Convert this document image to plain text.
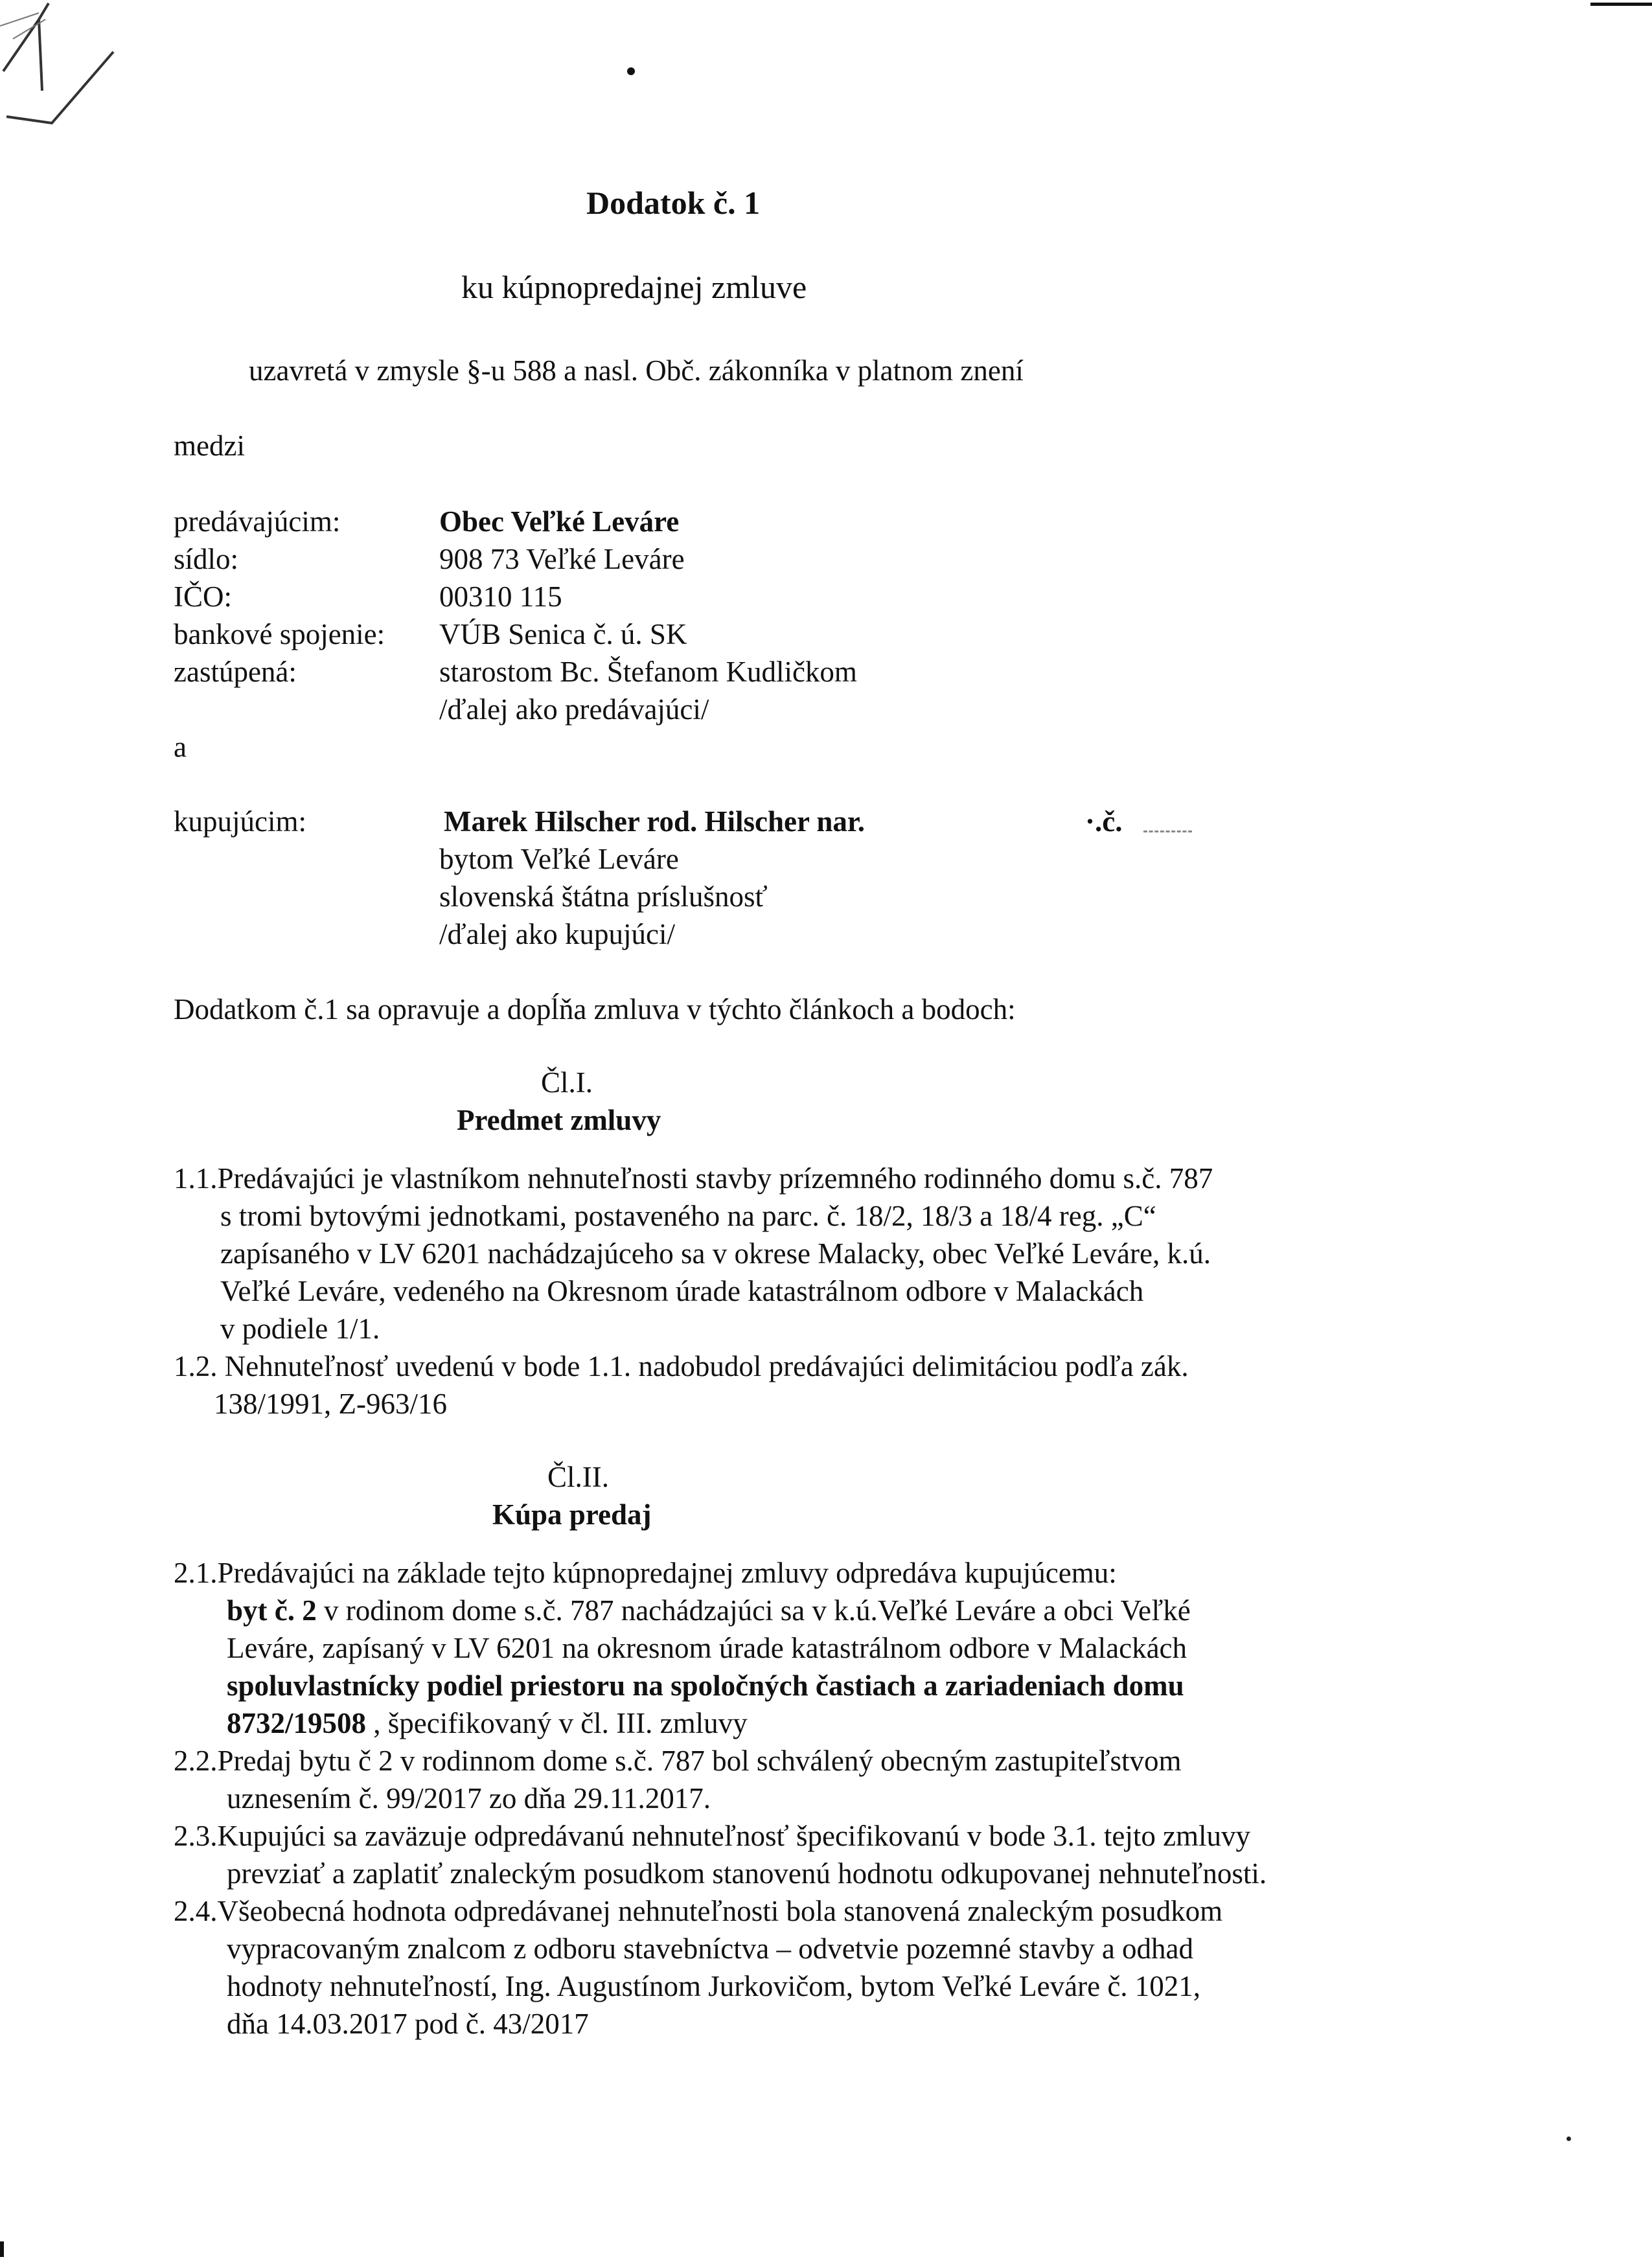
Dodatok č. 1
ku kúpnopredajnej zmluve
uzavretá v zmysle §-u 588 a nasl. Obč. zákonníka v platnom znení
medzi
predávajúcim:	Obec Veľké Leváre
sídlo:	908 73 Veľké Leváre
IČO:	00310 115
bankové spojenie: VÚB Senica č. ú. SK
zastúpená:	starostom Bc. Štefanom Kudličkom
/ďalej ako predávajúci/
a
kupujúcim:	Marek Hilscher rod. Hilscher nar.	·.č.
bytom Veľké Leváre
slovenská štátna príslušnosť
/ďalej ako kupujúci/
Dodatkom č.1 sa opravuje a dopĺňa zmluva v týchto článkoch a bodoch:
Čl.I.
Predmet zmluvy
1.1.Predávajúci je vlastníkom nehnuteľnosti stavby prízemného rodinného domu s.č. 787
s tromi bytovými jednotkami, postaveného na parc. č. 18/2, 18/3 a 18/4 reg. „C“
zapísaného v LV 6201 nachádzajúceho sa v okrese Malacky, obec Veľké Leváre, k.ú.
Veľké Leváre, vedeného na Okresnom úrade katastrálnom odbore v Malackách
v podiele 1/1.
1.2. Nehnuteľnosť uvedenú v bode 1.1. nadobudol predávajúci delimitáciou podľa zák.
138/1991, Z-963/16
Čl.II.
Kúpa predaj
2.1.Predávajúci na základe tejto kúpnopredajnej zmluvy odpredáva kupujúcemu:
byt č. 2 v rodinom dome s.č. 787 nachádzajúci sa v k.ú.Veľké Leváre a obci Veľké
Leváre, zapísaný v LV 6201 na okresnom úrade katastrálnom odbore v Malackách
spoluvlastnícky podiel priestoru na spoločných častiach a zariadeniach domu
8732/19508 , špecifikovaný v čl. III. zmluvy
2.2.Predaj bytu č 2 v rodinnom dome s.č. 787 bol schválený obecným zastupiteľstvom
uznesením č. 99/2017 zo dňa 29.11.2017.
2.3.Kupujúci sa zaväzuje odpredávanú nehnuteľnosť špecifikovanú v bode 3.1. tejto zmluvy
prevziať a zaplatiť znaleckým posudkom stanovenú hodnotu odkupovanej nehnuteľnosti.
2.4.Všeobecná hodnota odpredávanej nehnuteľnosti bola stanovená znaleckým posudkom
vypracovaným znalcom z odboru stavebníctva – odvetvie pozemné stavby a odhad
hodnoty nehnuteľností, Ing. Augustínom Jurkovičom, bytom Veľké Leváre č. 1021,
dňa 14.03.2017 pod č. 43/2017
